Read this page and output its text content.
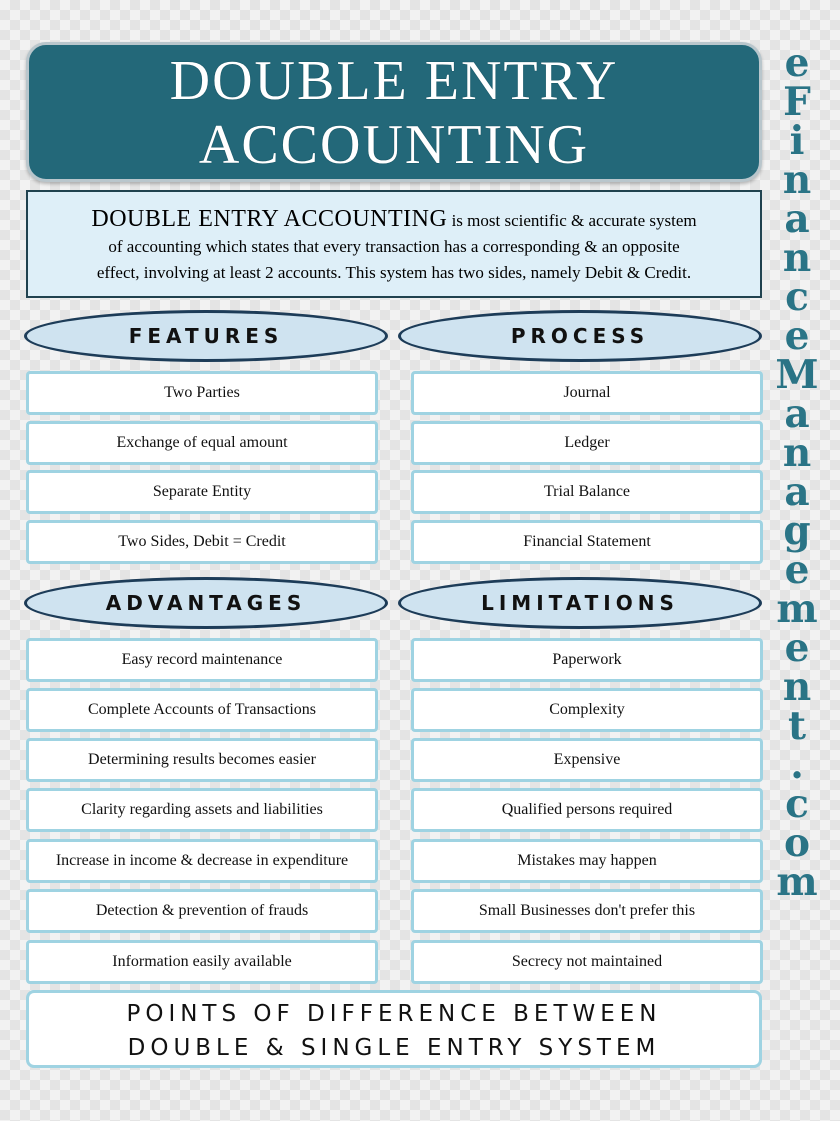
DOUBLE ENTRY
ACCOUNTING
DOUBLE ENTRY ACCOUNTING is most scientific & accurate system
of accounting which states that every transaction has a corresponding & an opposite
effect, involving at least 2 accounts. This system has two sides, namely Debit & Credit.
FEATURES	PROCESS
ADVANTAGES	LIMITATIONS
Two Parties
Exchange of equal amount
Separate Entity
Two Sides, Debit = Credit
Journal
Ledger
Trial Balance
Financial Statement
Easy record maintenance
Complete Accounts of Transactions
Determining results becomes easier
Clarity regarding assets and liabilities
Increase in income & decrease in expenditure
Detection & prevention of frauds
Information easily available
Paperwork
Complexity
Expensive
Qualified persons required
Mistakes may happen
Small Businesses don't prefer this
Secrecy not maintained
POINTS OF DIFFERENCE BETWEEN
DOUBLE & SINGLE ENTRY SYSTEM
eFinanceManagement.com
